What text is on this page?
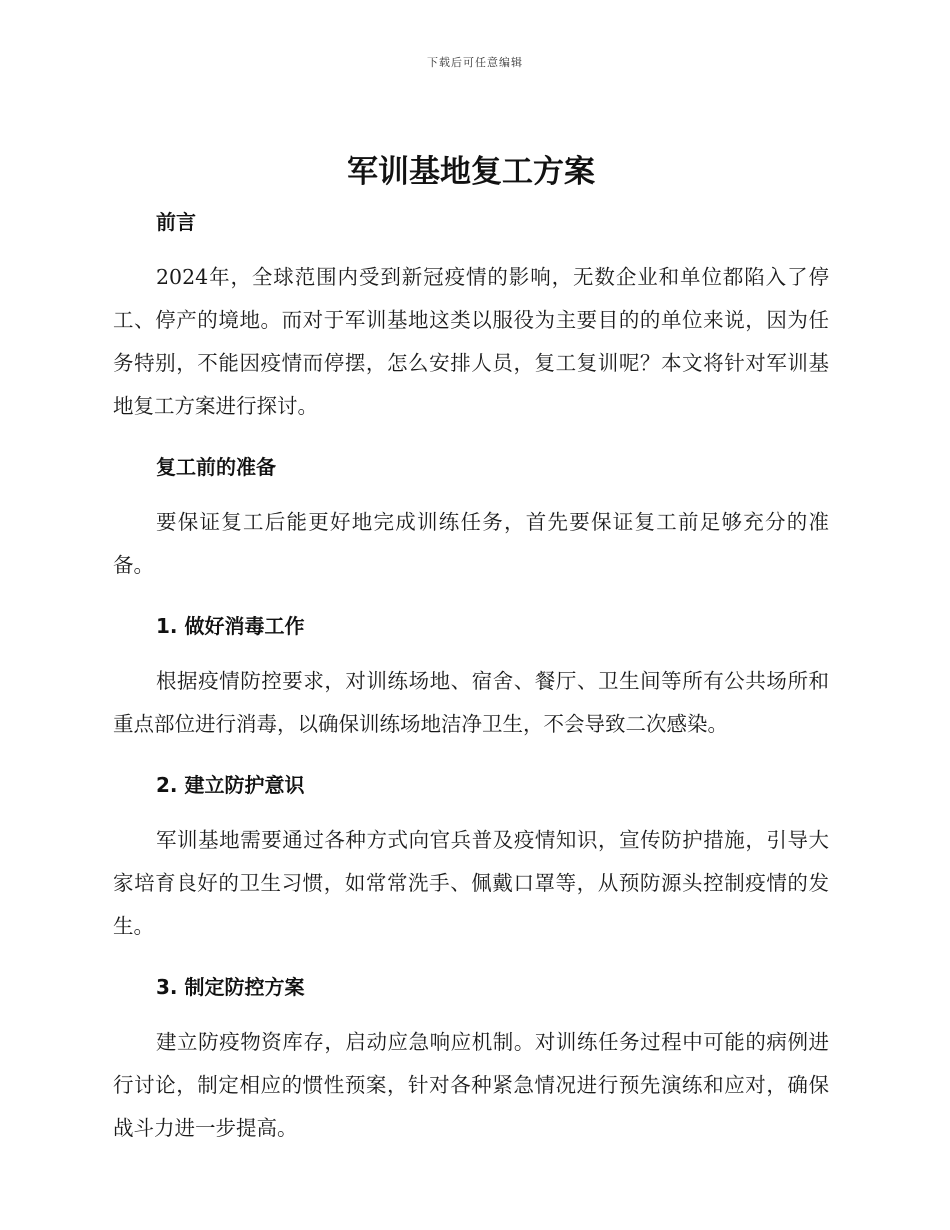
下载后可任意编辑
军训基地复工方案
前言

2024年，全球范围内受到新冠疫情的影响，无数企业和单位都陷入了停工、停产的境地。而对于军训基地这类以服役为主要目的的单位来说，因为任务特别，不能因疫情而停摆，怎么安排人员，复工复训呢？本文将针对军训基地复工方案进行探讨。

复工前的准备

要保证复工后能更好地完成训练任务，首先要保证复工前足够充分的准备。

1. 做好消毒工作

根据疫情防控要求，对训练场地、宿舍、餐厅、卫生间等所有公共场所和重点部位进行消毒，以确保训练场地洁净卫生，不会导致二次感染。

2. 建立防护意识

军训基地需要通过各种方式向官兵普及疫情知识，宣传防护措施，引导大家培育良好的卫生习惯，如常常洗手、佩戴口罩等，从预防源头控制疫情的发生。

3. 制定防控方案

建立防疫物资库存，启动应急响应机制。对训练任务过程中可能的病例进行讨论，制定相应的惯性预案，针对各种紧急情况进行预先演练和应对，确保战斗力进一步提高。
